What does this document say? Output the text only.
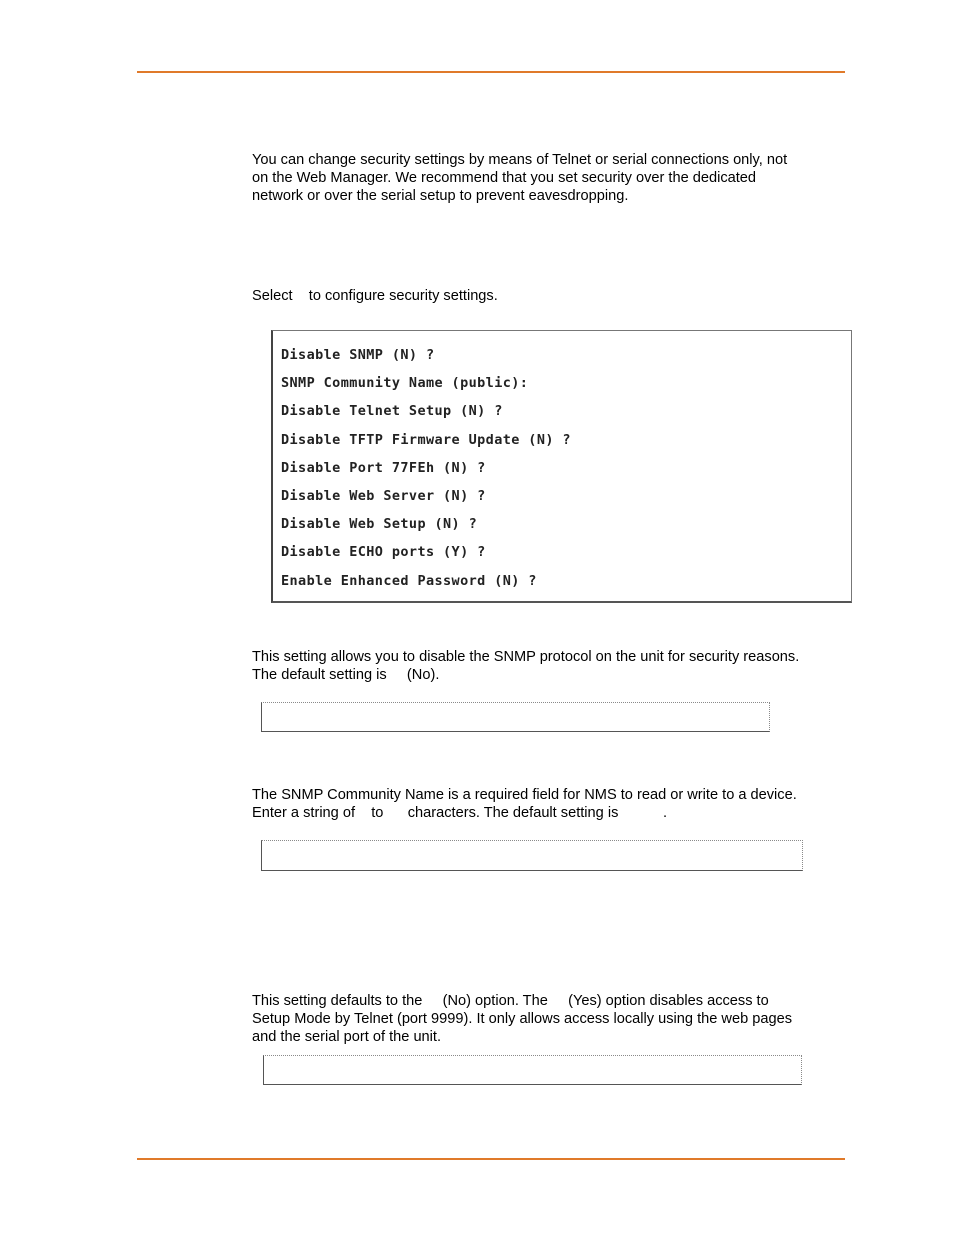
You can change security settings by means of Telnet or serial connections only, not
on the Web Manager. We recommend that you set security over the dedicated
network or over the serial setup to prevent eavesdropping.

Select    to configure security settings.

Disable SNMP (N) ?
SNMP Community Name (public):
Disable Telnet Setup (N) ?
Disable TFTP Firmware Update (N) ?
Disable Port 77FEh (N) ?
Disable Web Server (N) ?
Disable Web Setup (N) ?
Disable ECHO ports (Y) ?
Enable Enhanced Password (N) ?

This setting allows you to disable the SNMP protocol on the unit for security reasons.
The default setting is     (No).

The SNMP Community Name is a required field for NMS to read or write to a device.
Enter a string of    to      characters. The default setting is           .

This setting defaults to the     (No) option. The     (Yes) option disables access to
Setup Mode by Telnet (port 9999). It only allows access locally using the web pages
and the serial port of the unit.
